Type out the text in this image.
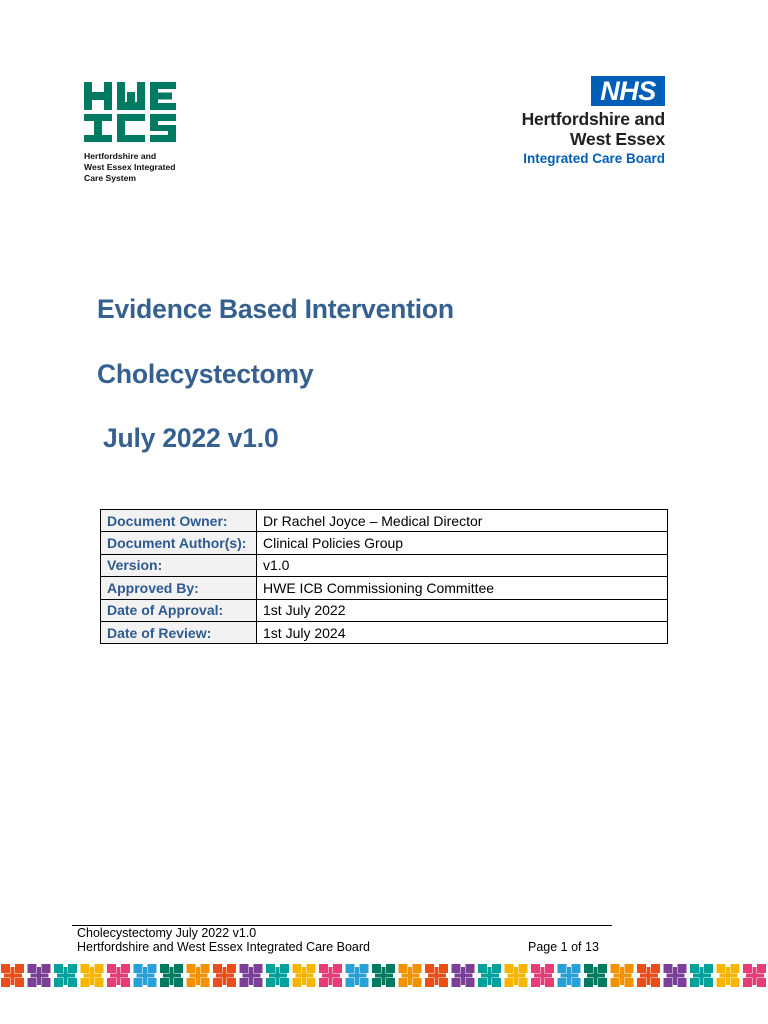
Hertfordshire and
West Essex Integrated
Care System
NHS
Hertfordshire and
West Essex
Integrated Care Board
Evidence Based Intervention
Cholecystectomy
July 2022 v1.0
Document Owner:	Dr Rachel Joyce – Medical Director
Document Author(s):	Clinical Policies Group
Version:	v1.0
Approved By:	HWE ICB Commissioning Committee
Date of Approval:	1st July 2022
Date of Review:	1st July 2024
Cholecystectomy July 2022 v1.0
Hertfordshire and West Essex Integrated Care Board	Page 1 of 13
